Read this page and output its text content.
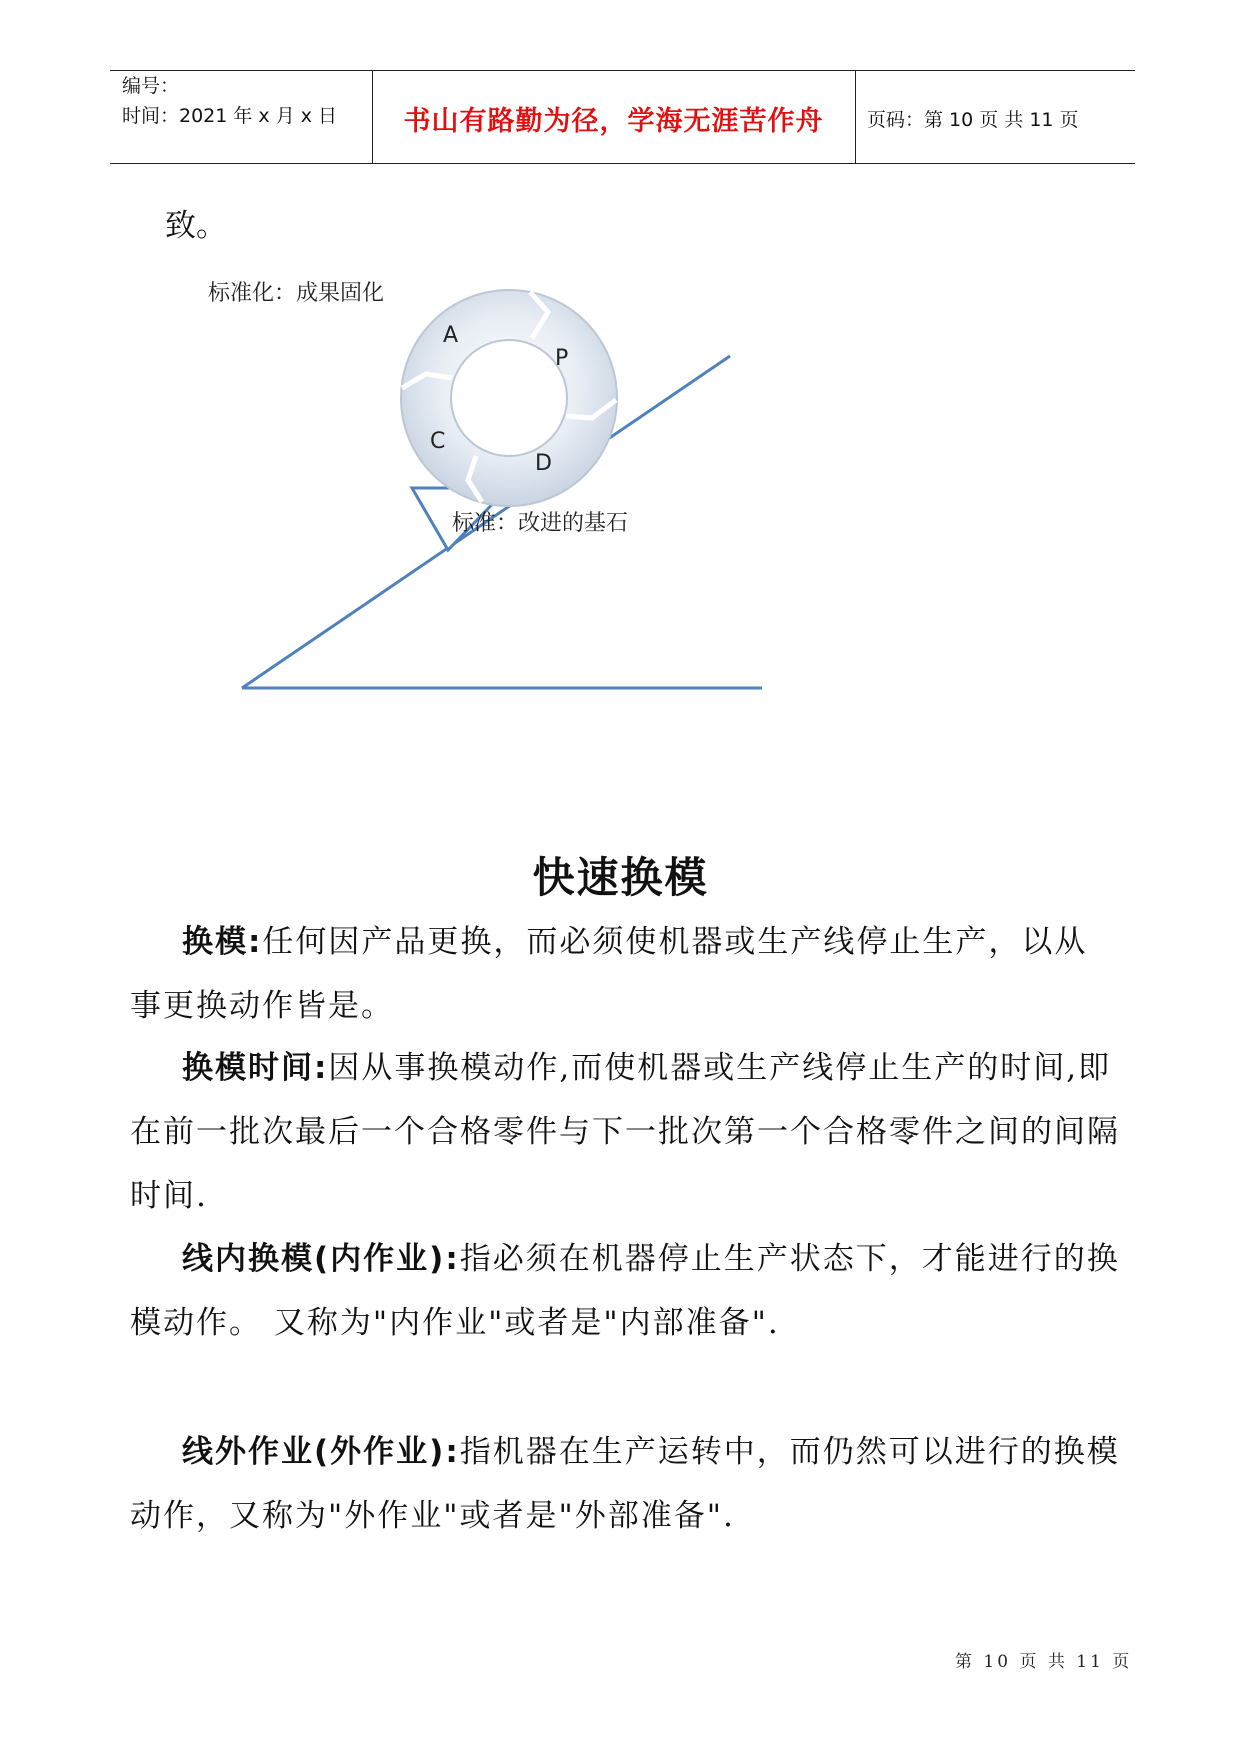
编号：
时间：2021 年 x 月 x 日	书山有路勤为径，学海无涯苦作舟	页码：第 10 页 共 11 页
致。
A
P
C
D
标准化：成果固化
标准：改进的基石
快速换模
换模:任何因产品更换，而必须使机器或生产线停止生产，以从事更换动作皆是。
换模时间:因从事换模动作,而使机器或生产线停止生产的时间,即在前一批次最后一个合格零件与下一批次第一个合格零件之间的间隔时间.
线内换模(内作业):指必须在机器停止生产状态下，才能进行的换模动作。 又称为"内作业"或者是"内部准备".
线外作业(外作业):指机器在生产运转中，而仍然可以进行的换模动作，又称为"外作业"或者是"外部准备".
第 10 页 共 11 页
